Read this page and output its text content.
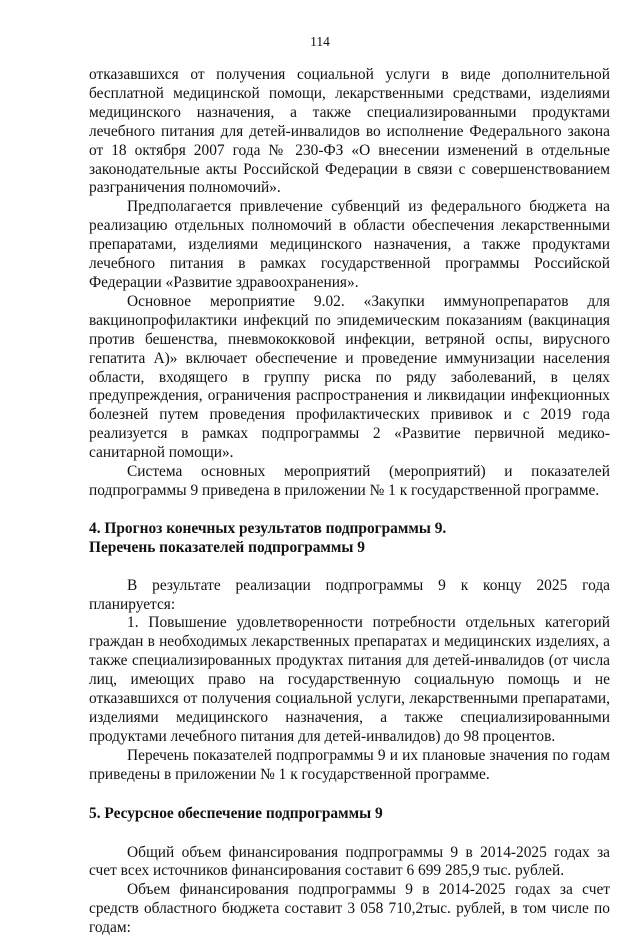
114

отказавшихся от получения социальной услуги в виде дополнительной бесплатной медицинской помощи, лекарственными средствами, изделиями медицинского назначения, а также специализированными продуктами лечебного питания для детей-инвалидов во исполнение Федерального закона от 18 октября 2007 года № 230-ФЗ «О внесении изменений в отдельные законодательные акты Российской Федерации в связи с совершенствованием разграничения полномочий».

Предполагается привлечение субвенций из федерального бюджета на реализацию отдельных полномочий в области обеспечения лекарственными препаратами, изделиями медицинского назначения, а также продуктами лечебного питания в рамках государственной программы Российской Федерации «Развитие здравоохранения».

Основное мероприятие 9.02. «Закупки иммунопрепаратов для вакцинопрофилактики инфекций по эпидемическим показаниям (вакцинация против бешенства, пневмококковой инфекции, ветряной оспы, вирусного гепатита А)» включает обеспечение и проведение иммунизации населения области, входящего в группу риска по ряду заболеваний, в целях предупреждения, ограничения распространения и ликвидации инфекционных болезней путем проведения профилактических прививок и с 2019 года реализуется в рамках подпрограммы 2 «Развитие первичной медико-санитарной помощи».

Система основных мероприятий (мероприятий) и показателей подпрограммы 9 приведена в приложении № 1 к государственной программе.

4. Прогноз конечных результатов подпрограммы 9.

Перечень показателей подпрограммы 9

В результате реализации подпрограммы 9 к концу 2025 года планируется:

1. Повышение удовлетворенности потребности отдельных категорий граждан в необходимых лекарственных препаратах и медицинских изделиях, а также специализированных продуктах питания для детей-инвалидов (от числа лиц, имеющих право на государственную социальную помощь и не отказавшихся от получения социальной услуги, лекарственными препаратами, изделиями медицинского назначения, а также специализированными продуктами лечебного питания для детей-инвалидов) до 98 процентов.

Перечень показателей подпрограммы 9 и их плановые значения по годам приведены в приложении № 1 к государственной программе.

5. Ресурсное обеспечение подпрограммы 9

Общий объем финансирования подпрограммы 9 в 2014-2025 годах за счет всех источников финансирования составит 6 699 285,9 тыс. рублей.

Объем финансирования подпрограммы 9 в 2014-2025 годах за счет средств областного бюджета составит 3 058 710,2тыс. рублей, в том числе по годам:
